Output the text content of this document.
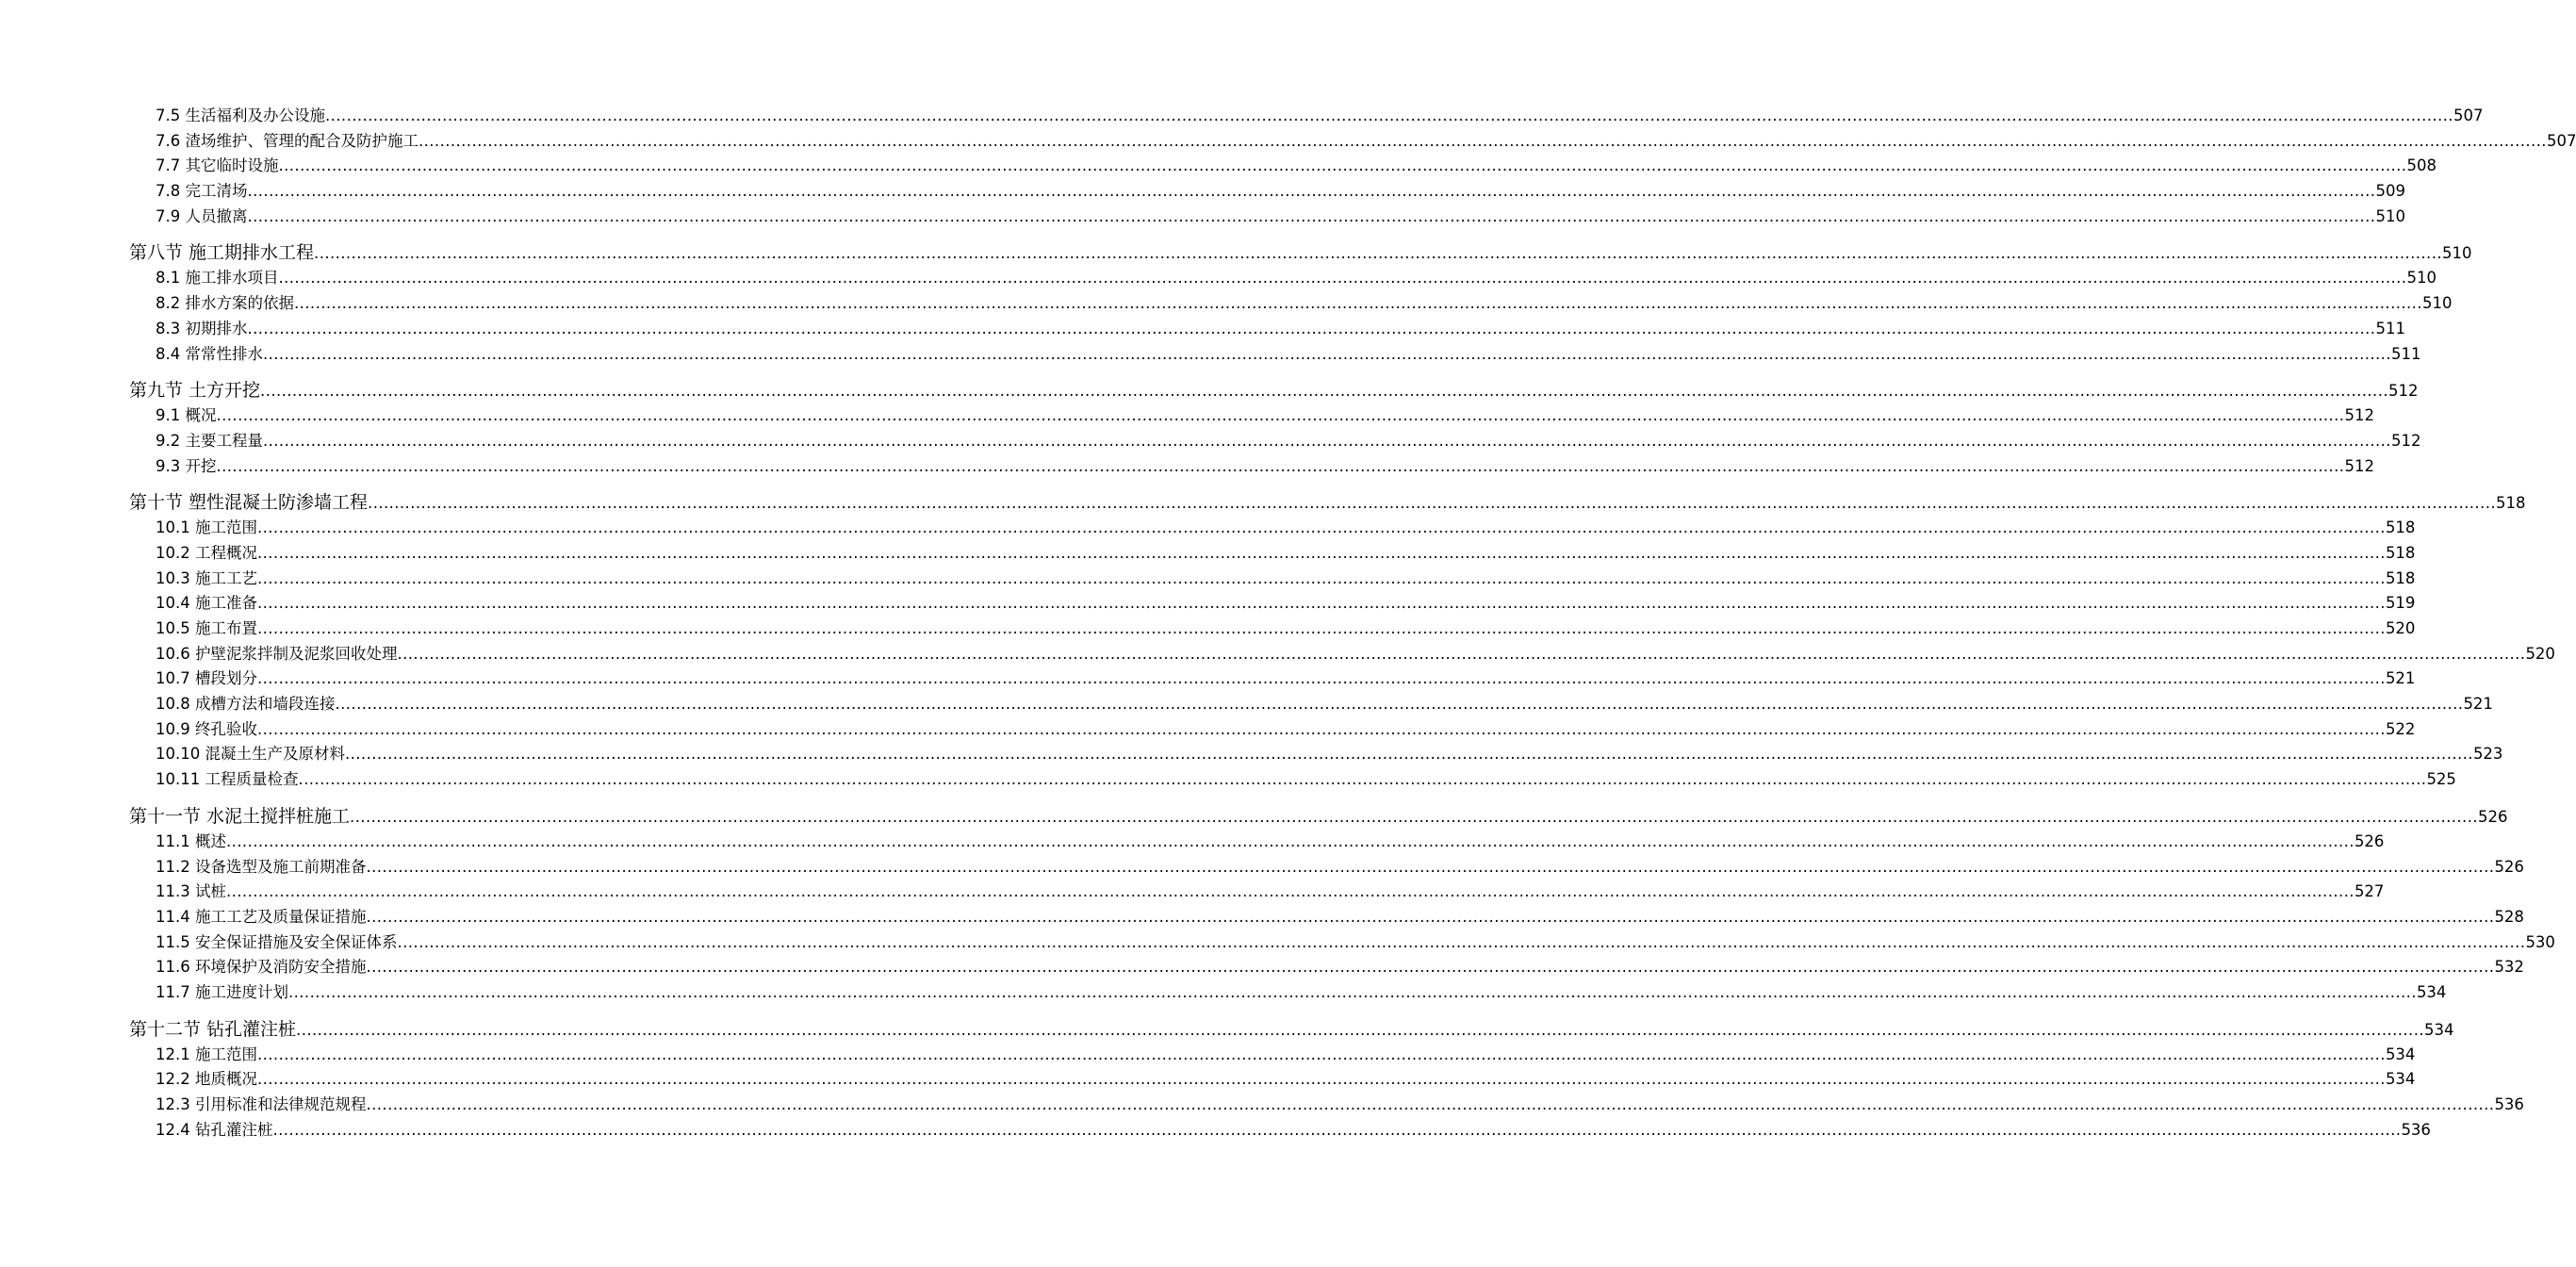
7.5 生活福利及办公设施 ................................................................................................................................................................................................................................................................................................................................................................................................................ 507
7.6 渣场维护、管理的配合及防护施工 ................................................................................................................................................................................................................................................................................................................................................................................................................ 507
7.7 其它临时设施 ................................................................................................................................................................................................................................................................................................................................................................................................................ 508
7.8 完工清场 ................................................................................................................................................................................................................................................................................................................................................................................................................ 509
7.9 人员撤离 ................................................................................................................................................................................................................................................................................................................................................................................................................ 510
第八节 施工期排水工程 ................................................................................................................................................................................................................................................................................................................................................................................................................ 510
8.1 施工排水项目 ................................................................................................................................................................................................................................................................................................................................................................................................................ 510
8.2 排水方案的依据 ................................................................................................................................................................................................................................................................................................................................................................................................................ 510
8.3 初期排水 ................................................................................................................................................................................................................................................................................................................................................................................................................ 511
8.4 常常性排水 ................................................................................................................................................................................................................................................................................................................................................................................................................ 511
第九节 土方开挖 ................................................................................................................................................................................................................................................................................................................................................................................................................ 512
9.1 概况 ................................................................................................................................................................................................................................................................................................................................................................................................................ 512
9.2 主要工程量 ................................................................................................................................................................................................................................................................................................................................................................................................................ 512
9.3 开挖 ................................................................................................................................................................................................................................................................................................................................................................................................................ 512
第十节 塑性混凝土防渗墙工程 ................................................................................................................................................................................................................................................................................................................................................................................................................ 518
10.1 施工范围 ................................................................................................................................................................................................................................................................................................................................................................................................................ 518
10.2 工程概况 ................................................................................................................................................................................................................................................................................................................................................................................................................ 518
10.3 施工工艺 ................................................................................................................................................................................................................................................................................................................................................................................................................ 518
10.4 施工准备 ................................................................................................................................................................................................................................................................................................................................................................................................................ 519
10.5 施工布置 ................................................................................................................................................................................................................................................................................................................................................................................................................ 520
10.6 护壁泥浆拌制及泥浆回收处理 ................................................................................................................................................................................................................................................................................................................................................................................................................ 520
10.7 槽段划分 ................................................................................................................................................................................................................................................................................................................................................................................................................ 521
10.8 成槽方法和墙段连接 ................................................................................................................................................................................................................................................................................................................................................................................................................ 521
10.9 终孔验收 ................................................................................................................................................................................................................................................................................................................................................................................................................ 522
10.10 混凝土生产及原材料 ................................................................................................................................................................................................................................................................................................................................................................................................................ 523
10.11 工程质量检查 ................................................................................................................................................................................................................................................................................................................................................................................................................ 525
第十一节 水泥土搅拌桩施工 ................................................................................................................................................................................................................................................................................................................................................................................................................ 526
11.1 概述 ................................................................................................................................................................................................................................................................................................................................................................................................................ 526
11.2 设备选型及施工前期准备 ................................................................................................................................................................................................................................................................................................................................................................................................................ 526
11.3 试桩 ................................................................................................................................................................................................................................................................................................................................................................................................................ 527
11.4 施工工艺及质量保证措施 ................................................................................................................................................................................................................................................................................................................................................................................................................ 528
11.5 安全保证措施及安全保证体系 ................................................................................................................................................................................................................................................................................................................................................................................................................ 530
11.6 环境保护及消防安全措施 ................................................................................................................................................................................................................................................................................................................................................................................................................ 532
11.7 施工进度计划 ................................................................................................................................................................................................................................................................................................................................................................................................................ 534
第十二节 钻孔灌注桩 ................................................................................................................................................................................................................................................................................................................................................................................................................ 534
12.1 施工范围 ................................................................................................................................................................................................................................................................................................................................................................................................................ 534
12.2 地质概况 ................................................................................................................................................................................................................................................................................................................................................................................................................ 534
12.3 引用标准和法律规范规程 ................................................................................................................................................................................................................................................................................................................................................................................................................ 536
12.4 钻孔灌注桩 ................................................................................................................................................................................................................................................................................................................................................................................................................ 536
